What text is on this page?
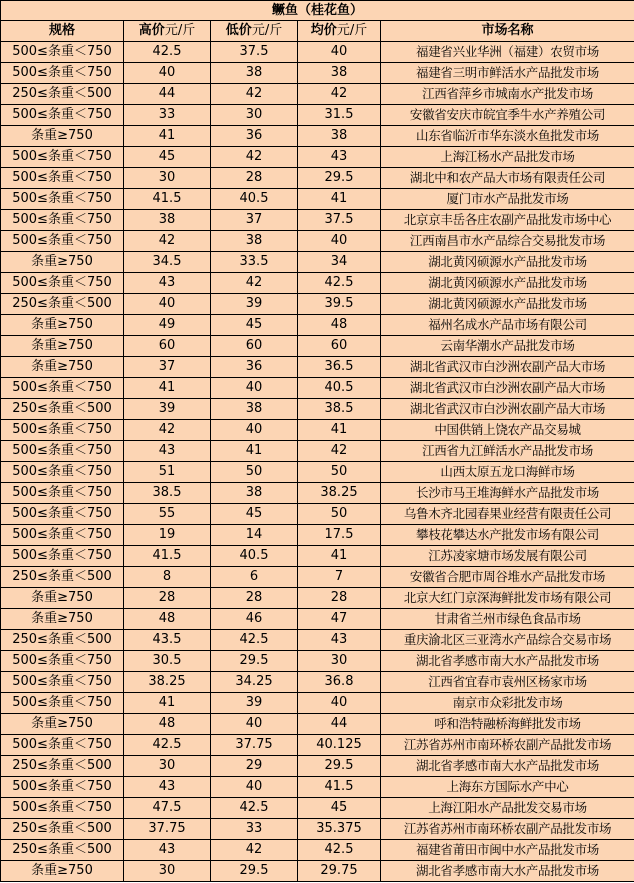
鳜鱼（桂花鱼）				
规格	高价元/斤	低价元/斤	均价元/斤	市场名称
500≤条重＜750	42.5	37.5	40	福建省兴业华洲（福建）农贸市场
500≤条重＜750	40	38	38	福建省三明市鲜活水产品批发市场
250≤条重＜500	44	42	42	江西省萍乡市城南水产批发市场
500≤条重＜750	33	30	31.5	安徽省安庆市皖宜季牛水产养殖公司
条重≥750	41	36	38	山东省临沂市华东淡水鱼批发市场
500≤条重＜750	45	42	43	上海江杨水产品批发市场
500≤条重＜750	30	28	29.5	湖北中和农产品大市场有限责任公司
500≤条重＜750	41.5	40.5	41	厦门市水产品批发市场
500≤条重＜750	38	37	37.5	北京京丰岳各庄农副产品批发市场中心
500≤条重＜750	42	38	40	江西南昌市水产品综合交易批发市场
条重≥750	34.5	33.5	34	湖北黄冈硕源水产品批发市场
500≤条重＜750	43	42	42.5	湖北黄冈硕源水产品批发市场
250≤条重＜500	40	39	39.5	湖北黄冈硕源水产品批发市场
条重≥750	49	45	48	福州名成水产品市场有限公司
条重≥750	60	60	60	云南华潮水产品批发市场
条重≥750	37	36	36.5	湖北省武汉市白沙洲农副产品大市场
500≤条重＜750	41	40	40.5	湖北省武汉市白沙洲农副产品大市场
250≤条重＜500	39	38	38.5	湖北省武汉市白沙洲农副产品大市场
500≤条重＜750	42	40	41	中国供销上饶农产品交易城
500≤条重＜750	43	41	42	江西省九江鲜活水产品批发市场
500≤条重＜750	51	50	50	山西太原五龙口海鲜市场
500≤条重＜750	38.5	38	38.25	长沙市马王堆海鲜水产品批发市场
500≤条重＜750	55	45	50	乌鲁木齐北园春果业经营有限责任公司
500≤条重＜750	19	14	17.5	攀枝花攀达水产批发市场有限公司
500≤条重＜750	41.5	40.5	41	江苏凌家塘市场发展有限公司
250≤条重＜500	8	6	7	安徽省合肥市周谷堆水产品批发市场
条重≥750	28	28	28	北京大红门京深海鲜批发市场有限公司
条重≥750	48	46	47	甘肃省兰州市绿色食品市场
250≤条重＜500	43.5	42.5	43	重庆渝北区三亚湾水产品综合交易市场
500≤条重＜750	30.5	29.5	30	湖北省孝感市南大水产品批发市场
500≤条重＜750	38.25	34.25	36.8	江西省宜春市袁州区杨家市场
500≤条重＜750	41	39	40	南京市众彩批发市场
条重≥750	48	40	44	呼和浩特融桥海鲜批发市场
500≤条重＜750	42.5	37.75	40.125	江苏省苏州市南环桥农副产品批发市场
250≤条重＜500	30	29	29.5	湖北省孝感市南大水产品批发市场
500≤条重＜750	43	40	41.5	上海东方国际水产中心
500≤条重＜750	47.5	42.5	45	上海江阳水产品批发交易市场
250≤条重＜500	37.75	33	35.375	江苏省苏州市南环桥农副产品批发市场
250≤条重＜500	43	42	42.5	福建省莆田市闽中水产品批发市场
条重≥750	30	29.5	29.75	湖北省孝感市南大水产品批发市场
